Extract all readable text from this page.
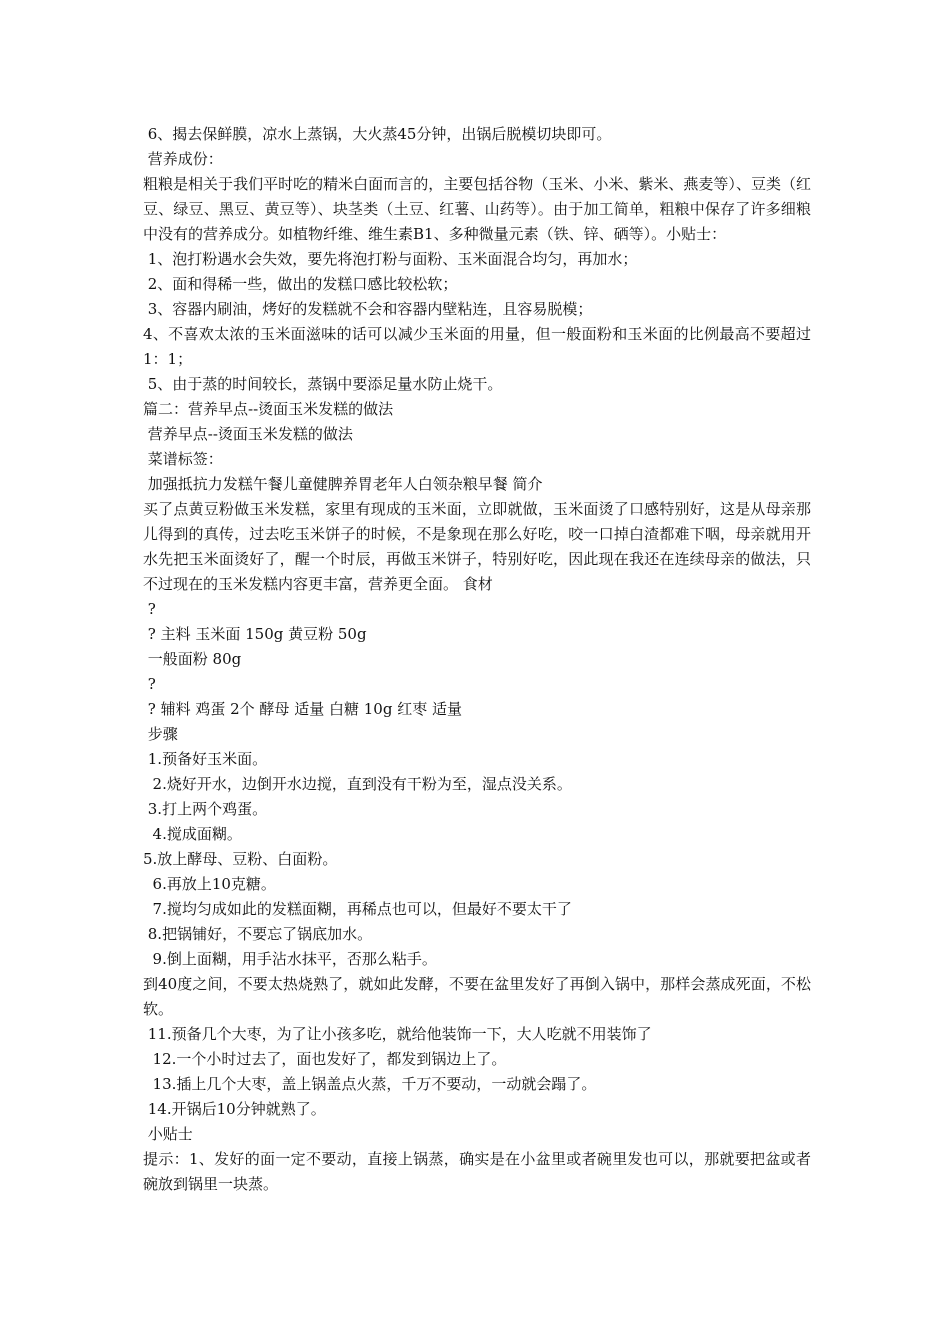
6、揭去保鲜膜，凉水上蒸锅，大火蒸45分钟，出锅后脱模切块即可。
营养成份：
粗粮是相关于我们平时吃的精米白面而言的，主要包括谷物（玉米、小米、紫米、燕麦等）、豆类（红豆、绿豆、黑豆、黄豆等）、块茎类（土豆、红薯、山药等）。由于加工简单，粗粮中保存了许多细粮中没有的营养成分。如植物纤维、维生素B1、多种微量元素（铁、锌、硒等）。小贴士：
1、泡打粉遇水会失效，要先将泡打粉与面粉、玉米面混合均匀，再加水；
2、面和得稀一些，做出的发糕口感比较松软；
3、容器内刷油，烤好的发糕就不会和容器内壁粘连，且容易脱模；
4、不喜欢太浓的玉米面滋味的话可以减少玉米面的用量，但一般面粉和玉米面的比例最高不要超过1：1；
5、由于蒸的时间较长，蒸锅中要添足量水防止烧干。
篇二：营养早点--烫面玉米发糕的做法
营养早点--烫面玉米发糕的做法
菜谱标签：
加强抵抗力发糕午餐儿童健脾养胃老年人白领杂粮早餐 简介
买了点黄豆粉做玉米发糕，家里有现成的玉米面，立即就做，玉米面烫了口感特别好，这是从母亲那儿得到的真传，过去吃玉米饼子的时候，不是象现在那么好吃，咬一口掉白渣都难下咽，母亲就用开水先把玉米面烫好了，醒一个时辰，再做玉米饼子，特别好吃，因此现在我还在连续母亲的做法，只不过现在的玉米发糕内容更丰富，营养更全面。 食材
?
? 主料 玉米面 150g 黄豆粉 50g
一般面粉 80g
?
? 辅料 鸡蛋 2个 酵母 适量 白糖 10g 红枣 适量
步骤
1.预备好玉米面。
2.烧好开水，边倒开水边搅，直到没有干粉为至，湿点没关系。
3.打上两个鸡蛋。
4.搅成面糊。
5.放上酵母、豆粉、白面粉。
6.再放上10克糖。
7.搅均匀成如此的发糕面糊，再稀点也可以，但最好不要太干了
8.把锅铺好，不要忘了锅底加水。
9.倒上面糊，用手沾水抹平，否那么粘手。
到40度之间，不要太热烧熟了，就如此发酵，不要在盆里发好了再倒入锅中，那样会蒸成死面，不松软。
11.预备几个大枣，为了让小孩多吃，就给他装饰一下，大人吃就不用装饰了
12.一个小时过去了，面也发好了，都发到锅边上了。
13.插上几个大枣，盖上锅盖点火蒸，千万不要动，一动就会蹋了。
14.开锅后10分钟就熟了。
小贴士
提示：1、发好的面一定不要动，直接上锅蒸，确实是在小盆里或者碗里发也可以，那就要把盆或者碗放到锅里一块蒸。
